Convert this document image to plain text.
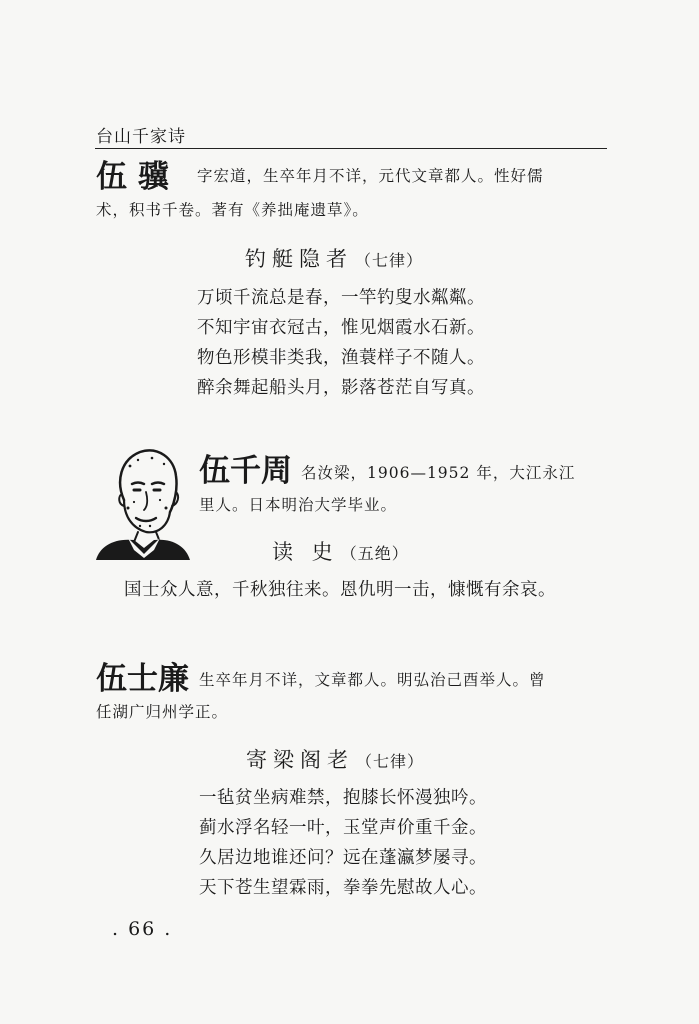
台山千家诗
伍 骥 字宏道，生卒年月不详，元代文章都人。性好儒
术，积书千卷。著有《养拙庵遗草》。
钓艇隐者 （七律）
万顷千流总是春，一竿钓叟水粼粼。
不知宇宙衣冠古，惟见烟霞水石新。
物色形模非类我，渔蓑样子不随人。
醉余舞起船头月，影落苍茫自写真。
伍千周 名汝梁，1906—1952 年，大江永江
里人。日本明治大学毕业。
读 史 （五绝）
国士众人意，千秋独往来。恩仇明一击，慷慨有余哀。
伍士廉 生卒年月不详，文章都人。明弘治己酉举人。曾
任湖广归州学正。
寄梁阁老 （七律）
一毡贫坐病难禁，抱膝长怀漫独吟。
蓟水浮名轻一叶，玉堂声价重千金。
久居边地谁还问？远在蓬瀛梦屡寻。
天下苍生望霖雨，拳拳先慰故人心。
. 66 .
